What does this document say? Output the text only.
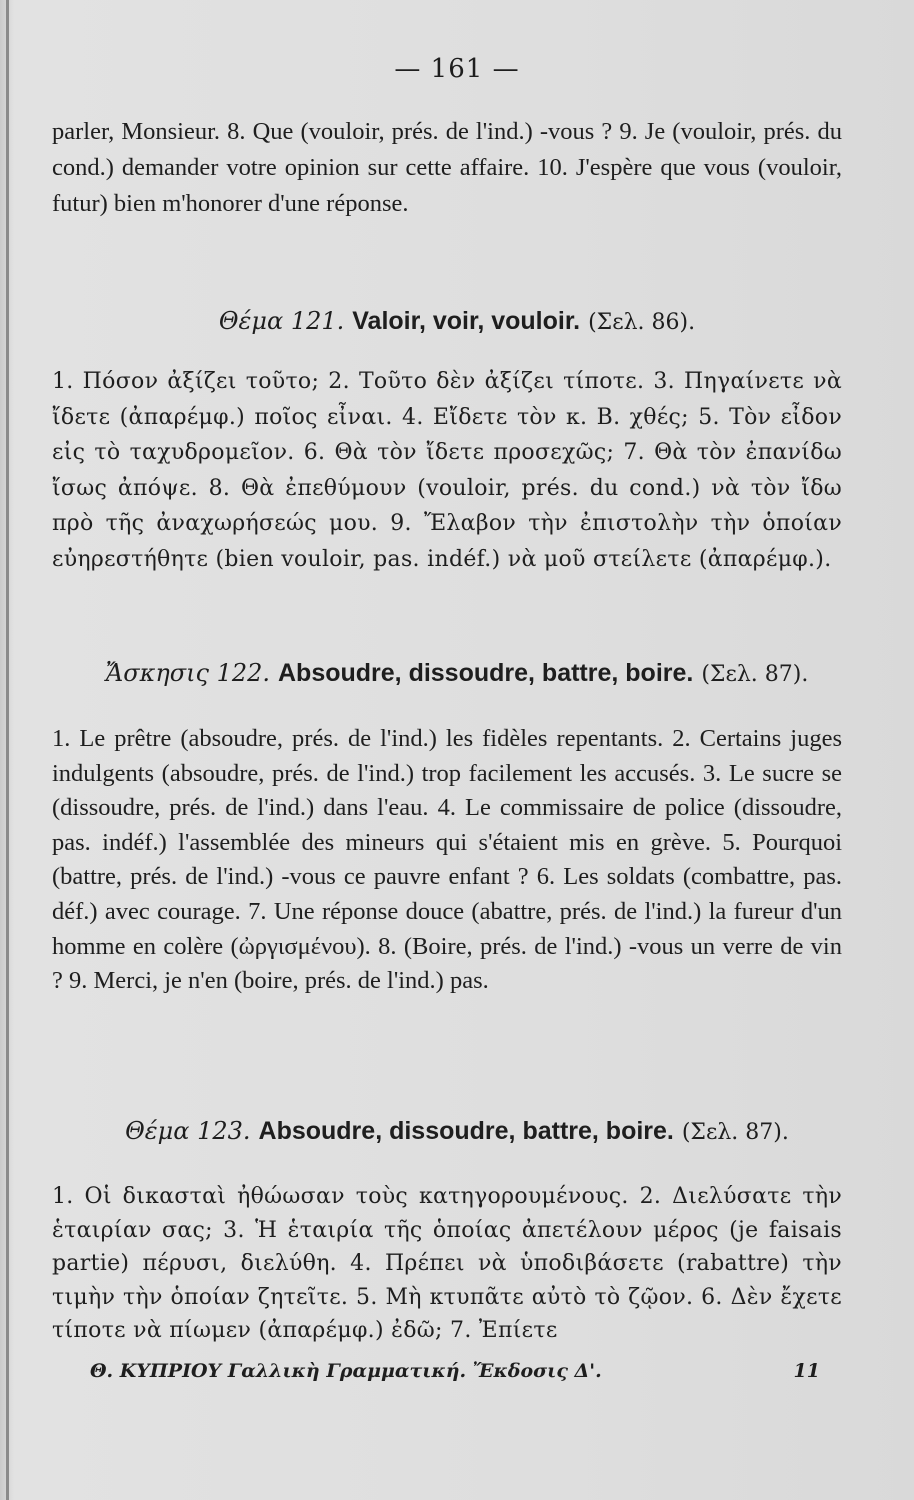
— 161 —

parler, Monsieur. 8. Que (vouloir, prés. de l'ind.) -vous ? 9. Je (vouloir, prés. du cond.) demander votre opinion sur cette affaire. 10. J'espère que vous (vouloir, futur) bien m'honorer d'une réponse.

Θέμα 121. Valoir, voir, vouloir. (Σελ. 86).

1. Πόσον ἀξίζει τοῦτο; 2. Τοῦτο δὲν ἀξίζει τίποτε. 3. Πηγαίνετε νὰ ἴδετε (ἀπαρέμφ.) ποῖος εἶναι. 4. Εἴδετε τὸν κ. Β. χθές; 5. Τὸν εἶδον εἰς τὸ ταχυδρομεῖον. 6. Θὰ τὸν ἴδετε προσεχῶς; 7. Θὰ τὸν ἐπανίδω ἴσως ἀπόψε. 8. Θὰ ἐπεθύμουν (vouloir, prés. du cond.) νὰ τὸν ἴδω πρὸ τῆς ἀναχωρήσεώς μου. 9. Ἔλαβον τὴν ἐπιστολὴν τὴν ὁποίαν εὐηρεστήθητε (bien vouloir, pas. indéf.) νὰ μοῦ στείλετε (ἀπαρέμφ.).

Ἄσκησις 122. Absoudre, dissoudre, battre, boire. (Σελ. 87).

1. Le prêtre (absoudre, prés. de l'ind.) les fidèles repentants. 2. Certains juges indulgents (absoudre, prés. de l'ind.) trop facilement les accusés. 3. Le sucre se (dissoudre, prés. de l'ind.) dans l'eau. 4. Le commissaire de police (dissoudre, pas. indéf.) l'assemblée des mineurs qui s'étaient mis en grève. 5. Pourquoi (battre, prés. de l'ind.) -vous ce pauvre enfant ? 6. Les soldats (combattre, pas. déf.) avec courage. 7. Une réponse douce (abattre, prés. de l'ind.) la fureur d'un homme en colère (ὠργισμένου). 8. (Boire, prés. de l'ind.) -vous un verre de vin ? 9. Merci, je n'en (boire, prés. de l'ind.) pas.

Θέμα 123. Absoudre, dissoudre, battre, boire. (Σελ. 87).

1. Οἱ δικασταὶ ἠθώωσαν τοὺς κατηγορουμένους. 2. Διελύσατε τὴν ἑταιρίαν σας; 3. Ἡ ἑταιρία τῆς ὁποίας ἀπετέλουν μέρος (je faisais partie) πέρυσι, διελύθη. 4. Πρέπει νὰ ὑποδιβάσετε (rabattre) τὴν τιμὴν τὴν ὁποίαν ζητεῖτε. 5. Μὴ κτυπᾶτε αὐτὸ τὸ ζῷον. 6. Δὲν ἔχετε τίποτε νὰ πίωμεν (ἀπαρέμφ.) ἐδῶ; 7. Ἐπίετε

Θ. ΚΥΠΡΙΟΥ Γαλλικὴ Γραμματική. Ἔκδοσις Δ'.	11
